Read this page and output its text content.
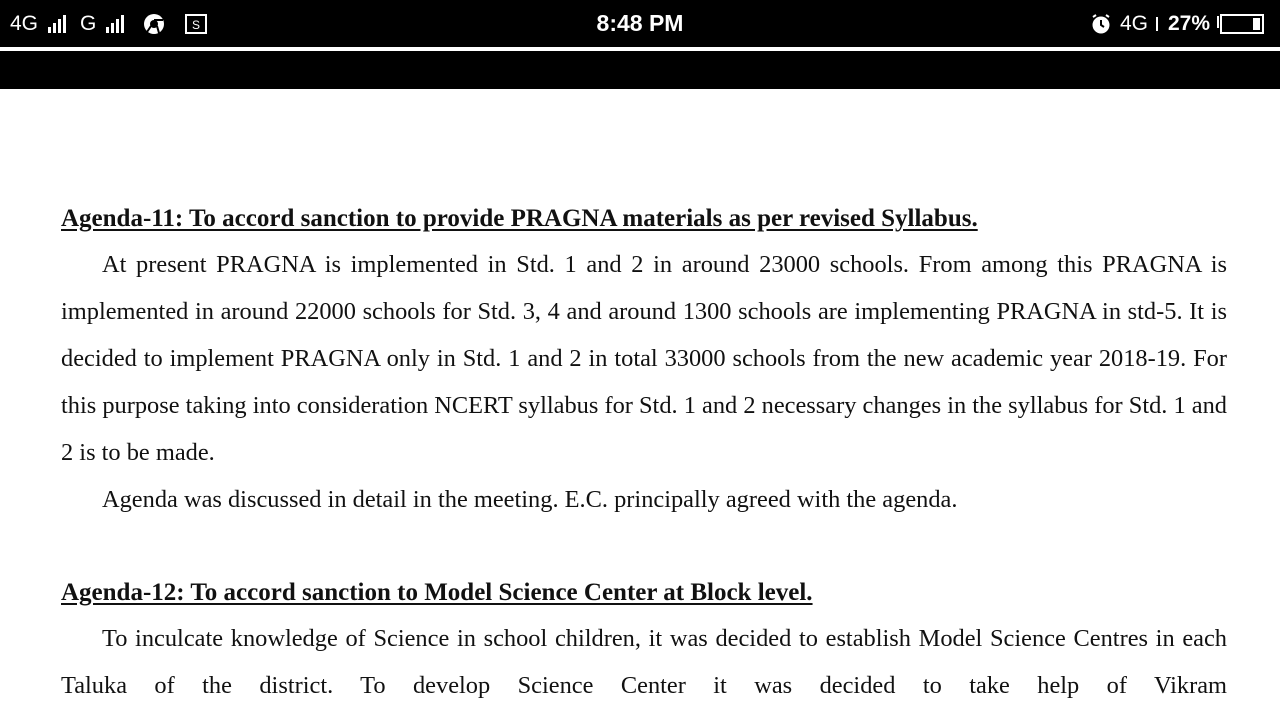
4G G	S	8:48 PM	4G 27%

Agenda-11: To accord sanction to provide PRAGNA materials as per revised Syllabus.

At present PRAGNA is implemented in Std. 1 and 2 in around 23000 schools. From among this PRAGNA is implemented in around 22000 schools for Std. 3, 4 and around 1300 schools are implementing PRAGNA in std-5. It is decided to implement PRAGNA only in Std. 1 and 2 in total 33000 schools from the new academic year 2018-19. For this purpose taking into consideration NCERT syllabus for Std. 1 and 2 necessary changes in the syllabus for Std. 1 and 2 is to be made.

Agenda was discussed in detail in the meeting. E.C. principally agreed with the agenda.

Agenda-12: To accord sanction to Model Science Center at Block level.

To inculcate knowledge of Science in school children, it was decided to establish Model Science Centres in each Taluka of the district. To develop Science Center it was decided to take help of Vikram
